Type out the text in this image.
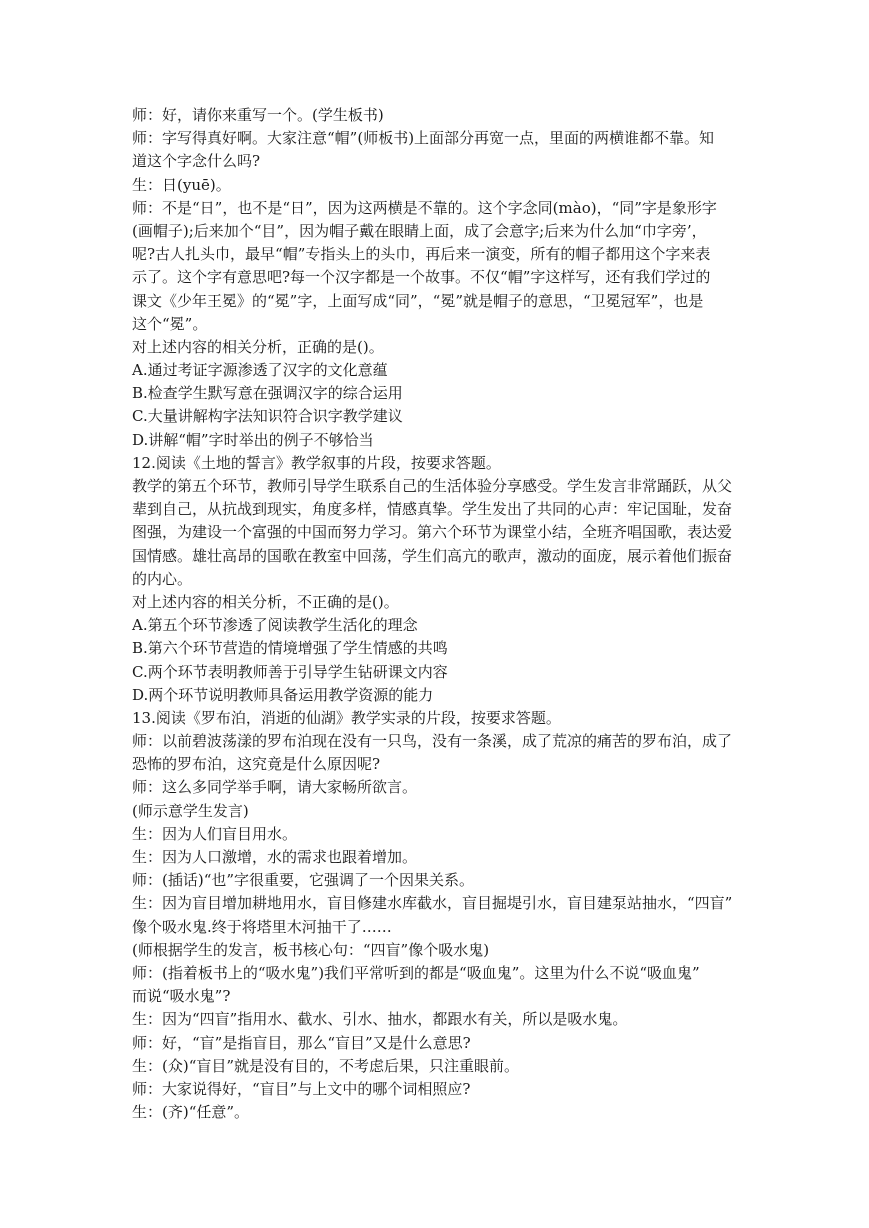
师：好，请你来重写一个。(学生板书)
师：字写得真好啊。大家注意“帽”(师板书)上面部分再宽一点，里面的两横谁都不靠。知
道这个字念什么吗?
生：日(yuē)。
师：不是“日”，也不是“日”，因为这两横是不靠的。这个字念同(mào)，“同”字是象形字
(画帽子);后来加个“目”，因为帽子戴在眼睛上面，成了会意字;后来为什么加“巾字旁’，
呢?古人扎头巾，最早“帽”专指头上的头巾，再后来一演变，所有的帽子都用这个字来表
示了。这个字有意思吧?每一个汉字都是一个故事。不仅“帽”字这样写，还有我们学过的
课文《少年王冕》的“冕”字，上面写成“同”，“冕”就是帽子的意思，“卫冕冠军”，也是
这个“冕”。
对上述内容的相关分析，正确的是()。
A.通过考证字源渗透了汉字的文化意蕴
B.检查学生默写意在强调汉字的综合运用
C.大量讲解构字法知识符合识字教学建议
D.讲解“帽”字时举出的例子不够恰当
12.阅读《土地的誓言》教学叙事的片段，按要求答题。
教学的第五个环节，教师引导学生联系自己的生活体验分享感受。学生发言非常踊跃，从父
辈到自己，从抗战到现实，角度多样，情感真挚。学生发出了共同的心声：牢记国耻，发奋
图强，为建设一个富强的中国而努力学习。第六个环节为课堂小结，全班齐唱国歌，表达爱
国情感。雄壮高昂的国歌在教室中回荡，学生们高亢的歌声，激动的面庞，展示着他们振奋
的内心。
对上述内容的相关分析，不正确的是()。
A.第五个环节渗透了阅读教学生活化的理念
B.第六个环节营造的情境增强了学生情感的共鸣
C.两个环节表明教师善于引导学生钻研课文内容
D.两个环节说明教师具备运用教学资源的能力
13.阅读《罗布泊，消逝的仙湖》教学实录的片段，按要求答题。
师：以前碧波荡漾的罗布泊现在没有一只鸟，没有一条溪，成了荒凉的痛苦的罗布泊，成了
恐怖的罗布泊，这究竟是什么原因呢?
师：这么多同学举手啊，请大家畅所欲言。
(师示意学生发言)
生：因为人们盲目用水。
生：因为人口激增，水的需求也跟着增加。
师：(插话)“也”字很重要，它强调了一个因果关系。
生：因为盲目增加耕地用水，盲目修建水库截水，盲目掘堤引水，盲目建泵站抽水，“四盲”
像个吸水鬼.终于将塔里木河抽干了……
(师根据学生的发言，板书核心句：“四盲”像个吸水鬼)
师：(指着板书上的“吸水鬼”)我们平常听到的都是“吸血鬼”。这里为什么不说“吸血鬼”
而说“吸水鬼”?
生：因为“四盲”指用水、截水、引水、抽水，都跟水有关，所以是吸水鬼。
师：好，“盲”是指盲目，那么“盲目”又是什么意思?
生：(众)“盲目”就是没有目的，不考虑后果，只注重眼前。
师：大家说得好，“盲目”与上文中的哪个词相照应?
生：(齐)“任意”。
